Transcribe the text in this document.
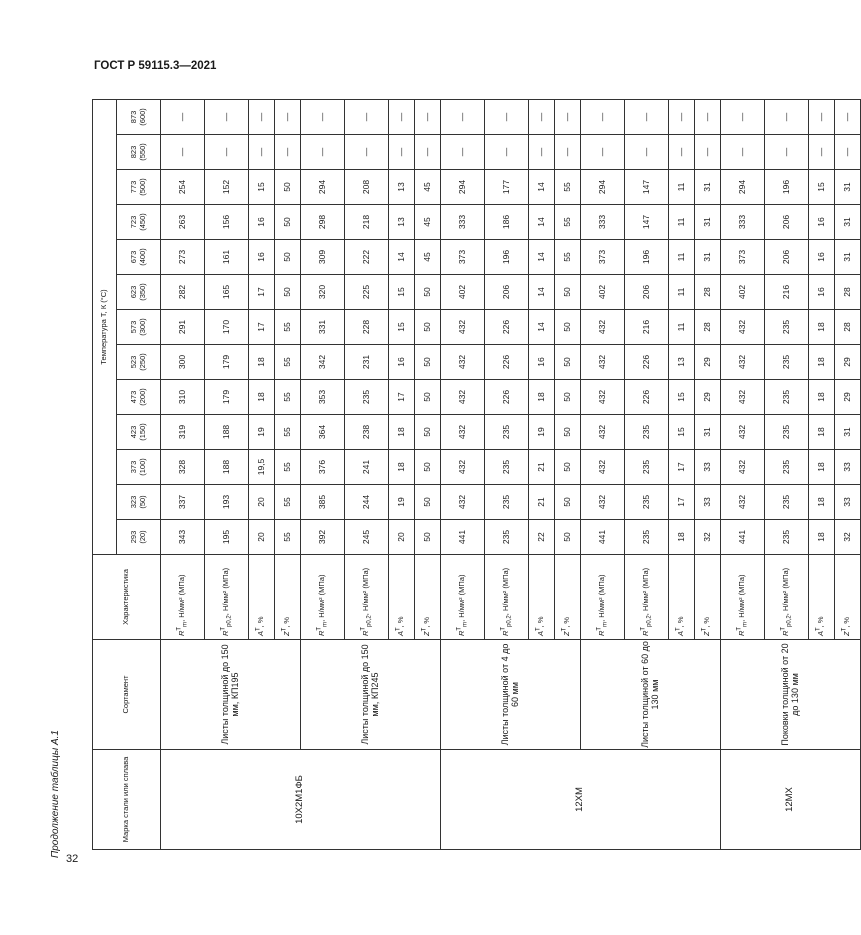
ГОСТ Р 59115.3—2021
32
Продолжение таблицы А.1	Марка стали или сплава	Сортамент	Характеристика	Температура T, К (°С)												

			293 (20)	323 (50)	373 (100)	423 (150)	473 (200)	523 (250)	573 (300)	623 (350)	673 (400)	723 (450)	773 (500)	823 (550)	873 (600)

10Х2М1ФБ	Листы толщиной до 150 мм, КП195	$R^T_m$, Н/мм² (МПа)	343	337	328	319	310	300	291	282	273	263	254	—	—
		$R^T_{p0,2}$, Н/мм² (МПа)	195	193	188	188	179	179	170	165	161	156	152	—	—
		$A^T$, %	20	20	19,5	19	18	18	17	17	16	16	15	—	—
		$Z^T$, %	55	55	55	55	55	55	55	50	50	50	50	—	—
	Листы толщиной до 150 мм, КП245	$R^T_m$, Н/мм² (МПа)	392	385	376	364	353	342	331	320	309	298	294	—	—
		$R^T_{p0,2}$, Н/мм² (МПа)	245	244	241	238	235	231	228	225	222	218	208	—	—
		$A^T$, %	20	19	18	18	17	16	15	15	14	13	13	—	—
		$Z^T$, %	50	50	50	50	50	50	50	50	45	45	45	—	—
12ХМ	Листы толщиной от 4 до 60 мм	$R^T_m$, Н/мм² (МПа)	441	432	432	432	432	432	432	402	373	333	294	—	—
		$R^T_{p0,2}$, Н/мм² (МПа)	235	235	235	235	226	226	226	206	196	186	177	—	—
		$A^T$, %	22	21	21	19	18	16	14	14	14	14	14	—	—
		$Z^T$, %	50	50	50	50	50	50	50	50	55	55	55	—	—
	Листы толщиной от 60 до 130 мм	$R^T_m$, Н/мм² (МПа)	441	432	432	432	432	432	432	402	373	333	294	—	—
		$R^T_{p0,2}$, Н/мм² (МПа)	235	235	235	235	226	226	216	206	196	147	147	—	—
		$A^T$, %	18	17	17	15	15	13	11	11	11	11	11	—	—
		$Z^T$, %	32	33	33	31	29	29	28	28	31	31	31	—	—
12МХ	Поковки толщиной от 20 до 130 мм	$R^T_m$, Н/мм² (МПа)	441	432	432	432	432	432	432	402	373	333	294	—	—
		$R^T_{p0,2}$, Н/мм² (МПа)	235	235	235	235	235	235	235	216	206	206	196	—	—
		$A^T$, %	18	18	18	18	18	18	18	16	16	16	15	—	—
		$Z^T$, %	32	33	33	31	29	29	28	28	31	31	31	—	—
